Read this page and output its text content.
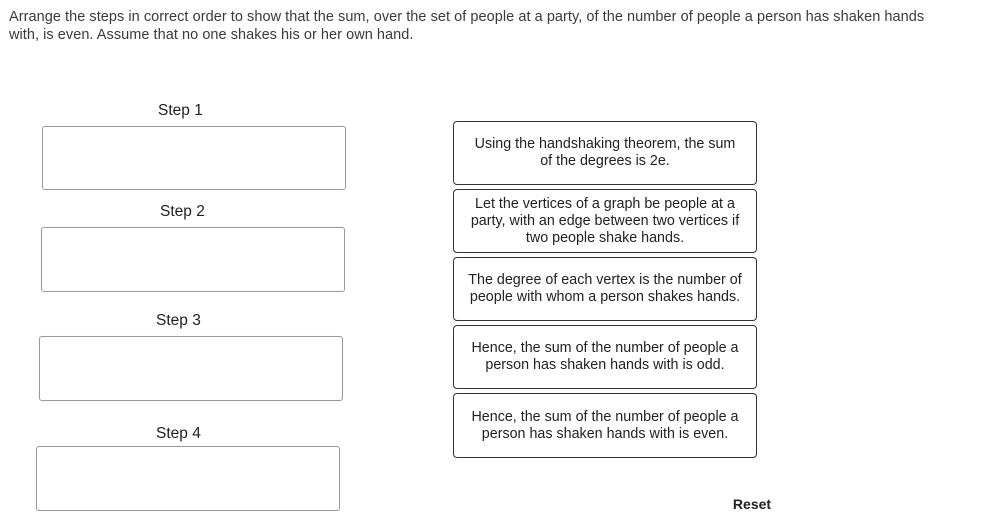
Arrange the steps in correct order to show that the sum, over the set of people at a party, of the number of people a person has shaken hands with, is even. Assume that no one shakes his or her own hand.
Step 1
Step 2
Step 3
Step 4
Using the handshaking theorem, the sum of the degrees is 2e.
Let the vertices of a graph be people at a party, with an edge between two vertices if two people shake hands.
The degree of each vertex is the number of people with whom a person shakes hands.
Hence, the sum of the number of people a person has shaken hands with is odd.
Hence, the sum of the number of people a person has shaken hands with is even.
Reset
